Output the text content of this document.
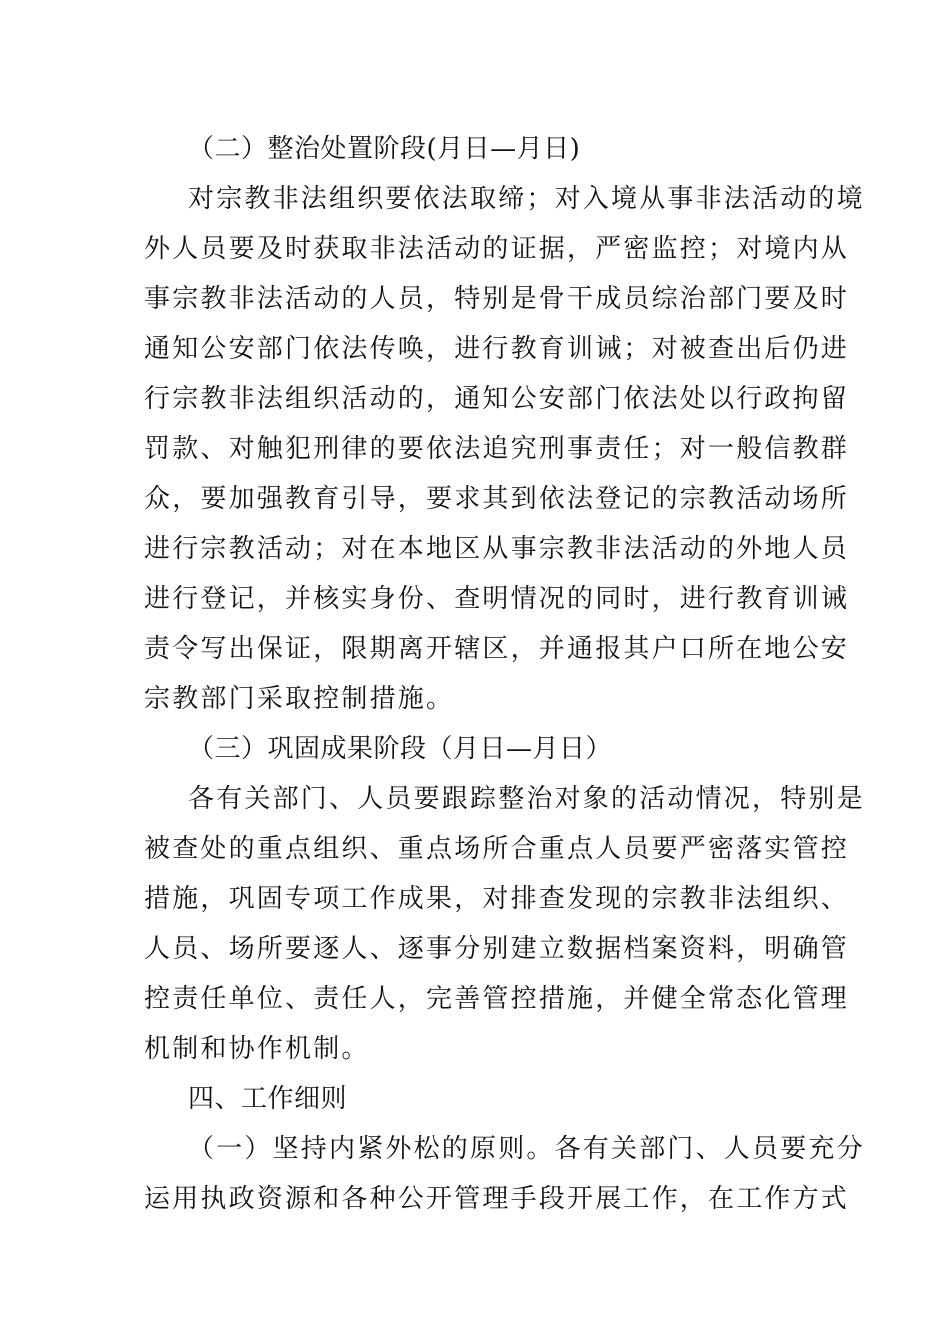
（二）整治处置阶段(月日—月日)
对宗教非法组织要依法取缔；对入境从事非法活动的境
外人员要及时获取非法活动的证据，严密监控；对境内从
事宗教非法活动的人员，特别是骨干成员综治部门要及时
通知公安部门依法传唤，进行教育训诫；对被查出后仍进
行宗教非法组织活动的，通知公安部门依法处以行政拘留
罚款、对触犯刑律的要依法追究刑事责任；对一般信教群
众，要加强教育引导，要求其到依法登记的宗教活动场所
进行宗教活动；对在本地区从事宗教非法活动的外地人员
进行登记，并核实身份、查明情况的同时，进行教育训诫
责令写出保证，限期离开辖区，并通报其户口所在地公安
宗教部门采取控制措施。
（三）巩固成果阶段（月日—月日）
各有关部门、人员要跟踪整治对象的活动情况，特别是
被查处的重点组织、重点场所合重点人员要严密落实管控
措施，巩固专项工作成果，对排查发现的宗教非法组织、
人员、场所要逐人、逐事分别建立数据档案资料，明确管
控责任单位、责任人，完善管控措施，并健全常态化管理
机制和协作机制。
四、工作细则
（一）坚持内紧外松的原则。各有关部门、人员要充分
运用执政资源和各种公开管理手段开展工作，在工作方式
